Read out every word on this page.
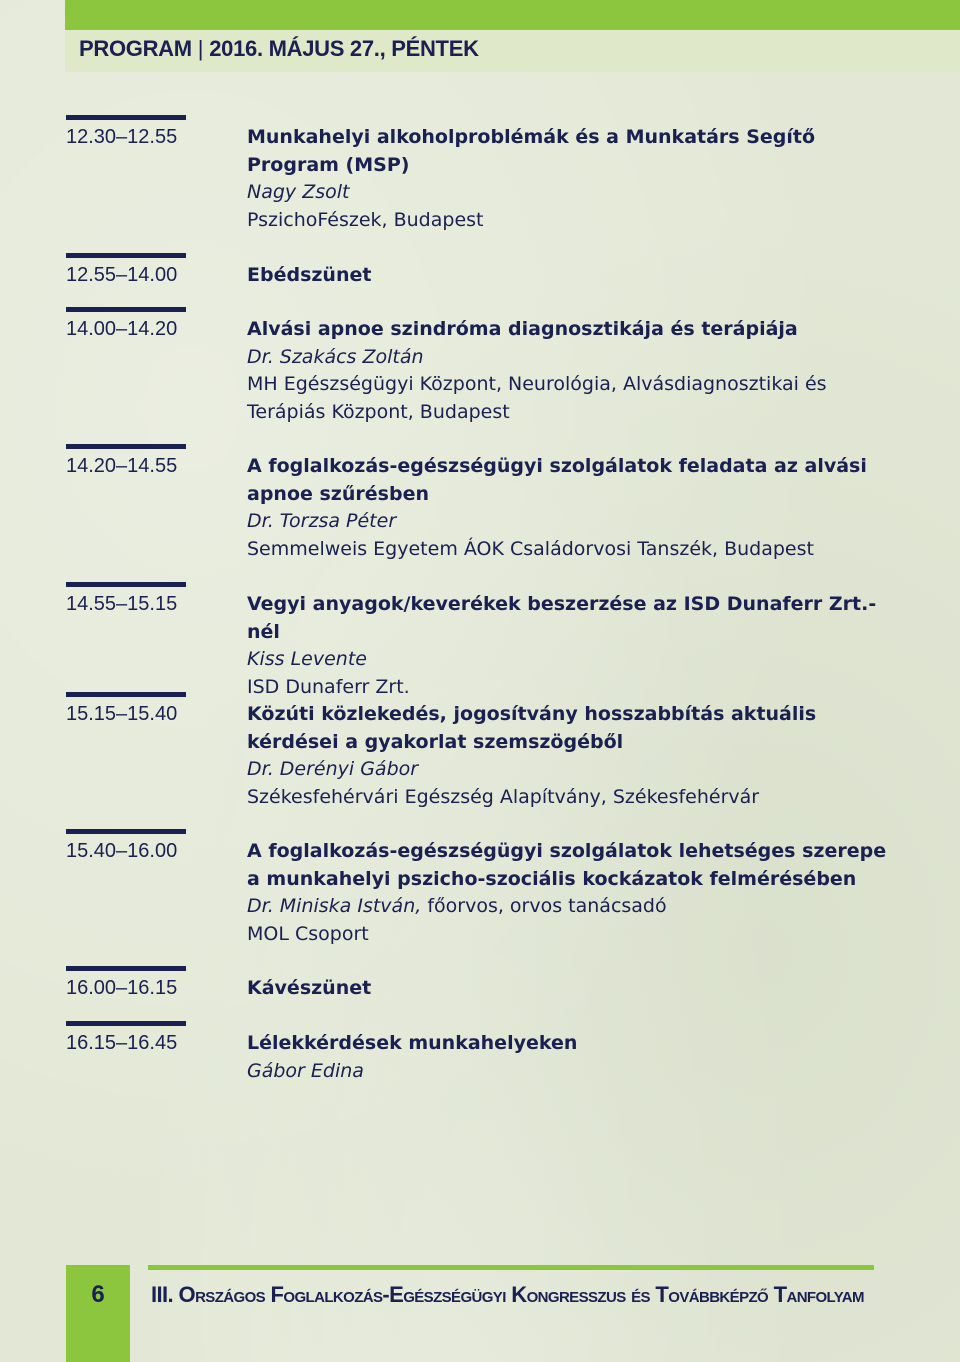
PROGRAM | 2016. MÁJUS 27., PÉNTEK
12.30–12.55	Munkahelyi alkoholproblémák és a Munkatárs Segítő
Program (MSP)
Nagy Zsolt
PszichoFészek, Budapest
12.55–14.00	Ebédszünet
14.00–14.20	Alvási apnoe szindróma diagnosztikája és terápiája
Dr. Szakács Zoltán
MH Egészségügyi Központ, Neurológia, Alvásdiagnosztikai és
Terápiás Központ, Budapest
14.20–14.55	A foglalkozás-egészségügyi szolgálatok feladata az alvási
apnoe szűrésben
Dr. Torzsa Péter
Semmelweis Egyetem ÁOK Családorvosi Tanszék, Budapest
14.55–15.15	Vegyi anyagok/keverékek beszerzése az ISD Dunaferr Zrt.-nél
Kiss Levente
ISD Dunaferr Zrt.
15.15–15.40	Közúti közlekedés, jogosítvány hosszabbítás aktuális
kérdései a gyakorlat szemszögéből
Dr. Derényi Gábor
Székesfehérvári Egészség Alapítvány, Székesfehérvár
15.40–16.00	A foglalkozás-egészségügyi szolgálatok lehetséges szerepe
a munkahelyi pszicho-szociális kockázatok felmérésében
Dr. Miniska István, főorvos, orvos tanácsadó
MOL Csoport
16.00–16.15	Kávészünet
16.15–16.45	Lélekkérdések munkahelyeken
Gábor Edina
6	III. Országos Foglalkozás-Egészségügyi Kongresszus és Továbbképző Tanfolyam
